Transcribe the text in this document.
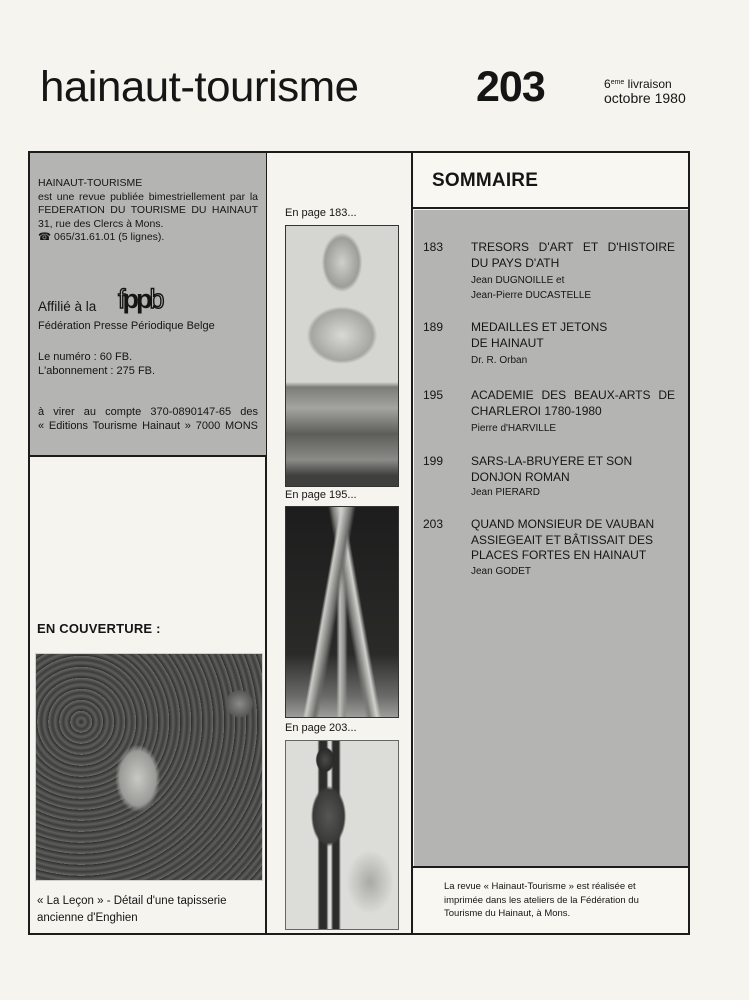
hainaut-tourisme	203	6eme livraison
octobre 1980
HAINAUT-TOURISME
est une revue publiée bimestriellement par la
FEDERATION DU TOURISME DU HAINAUT
31, rue des Clercs à Mons.
☎ 065/31.61.01 (5 lignes).
Affilié à la fppb
Fédération Presse Périodique Belge
Le numéro : 60 FB.
L'abonnement : 275 FB.
à virer au compte 370-0890147-65 des
« Editions Tourisme Hainaut » 7000 MONS
EN COUVERTURE :
« La Leçon » - Détail d'une tapisserie
ancienne d'Enghien
En page 183...
En page 195...
En page 203...
SOMMAIRE
183 TRESORS D'ART ET D'HISTOIRE
DU PAYS D'ATH
Jean DUGNOILLE et
Jean-Pierre DUCASTELLE
189 MEDAILLES ET JETONS
DE HAINAUT
Dr. R. Orban
195 ACADEMIE DES BEAUX-ARTS DE
CHARLEROI 1780-1980
Pierre d'HARVILLE
199 SARS-LA-BRUYERE ET SON
DONJON ROMAN
Jean PIERARD
203 QUAND MONSIEUR DE VAUBAN
ASSIEGEAIT ET BÂTISSAIT DES
PLACES FORTES EN HAINAUT
Jean GODET
La revue « Hainaut-Tourisme » est réalisée et
imprimée dans les ateliers de la Fédération du
Tourisme du Hainaut, à Mons.
